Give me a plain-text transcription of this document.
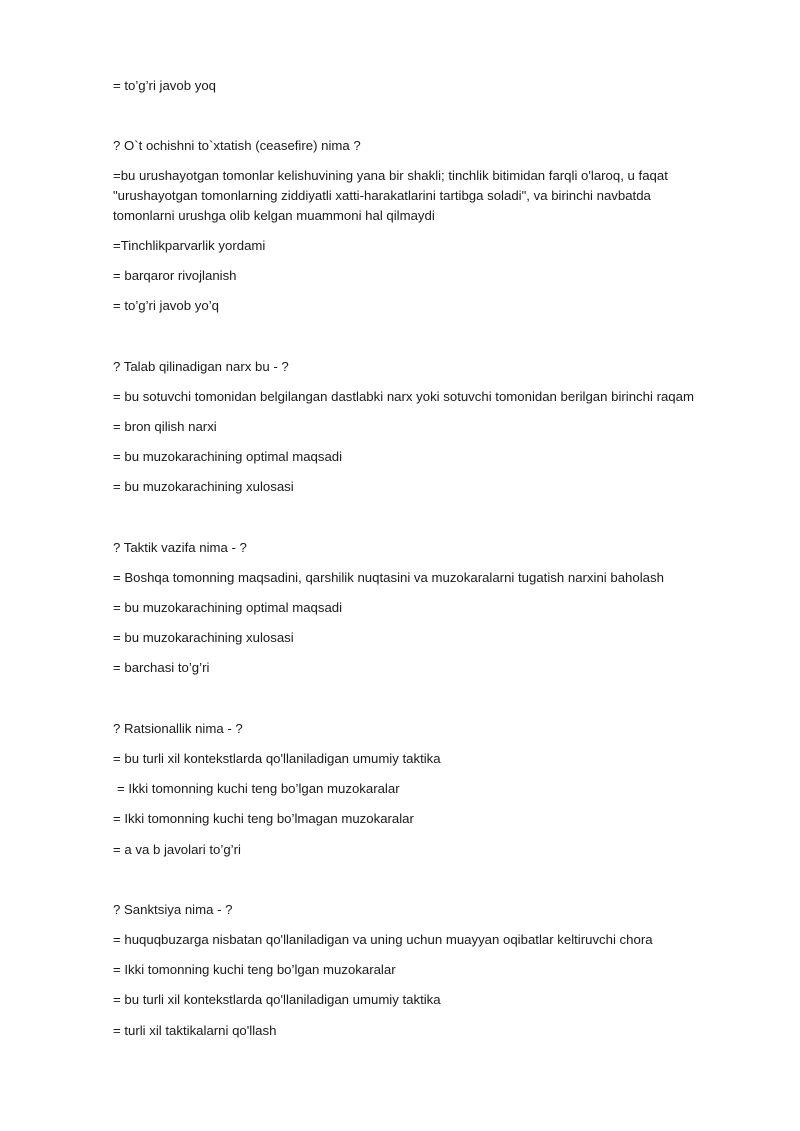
= to’g’ri javob yoq
? O`t ochishni to`xtatish (ceasefire) nima ?
=bu urushayotgan tomonlar kelishuvining yana bir shakli; tinchlik bitimidan farqli o'laroq, u faqat "urushayotgan tomonlarning ziddiyatli xatti-harakatlarini tartibga soladi", va birinchi navbatda tomonlarni urushga olib kelgan muammoni hal qilmaydi
=Tinchlikparvarlik yordami
= barqaror rivojlanish
= to’g’ri javob yo’q
? Talab qilinadigan narx bu - ?
= bu sotuvchi tomonidan belgilangan dastlabki narx yoki sotuvchi tomonidan berilgan birinchi raqam
= bron qilish narxi
= bu muzokarachining optimal maqsadi
= bu muzokarachining xulosasi
? Taktik vazifa nima - ?
= Boshqa tomonning maqsadini, qarshilik nuqtasini va muzokaralarni tugatish narxini baholash
= bu muzokarachining optimal maqsadi
= bu muzokarachining xulosasi
= barchasi to’g’ri
? Ratsionallik nima - ?
= bu turli xil kontekstlarda qo'llaniladigan umumiy taktika
= Ikki tomonning kuchi teng bo’lgan muzokaralar
= Ikki tomonning kuchi teng bo’lmagan muzokaralar
= a va b javolari to’g’ri
? Sanktsiya nima - ?
= huquqbuzarga nisbatan qo'llaniladigan va uning uchun muayyan oqibatlar keltiruvchi chora
= Ikki tomonning kuchi teng bo’lgan muzokaralar
= bu turli xil kontekstlarda qo'llaniladigan umumiy taktika
= turli xil taktikalarni qo'llash
